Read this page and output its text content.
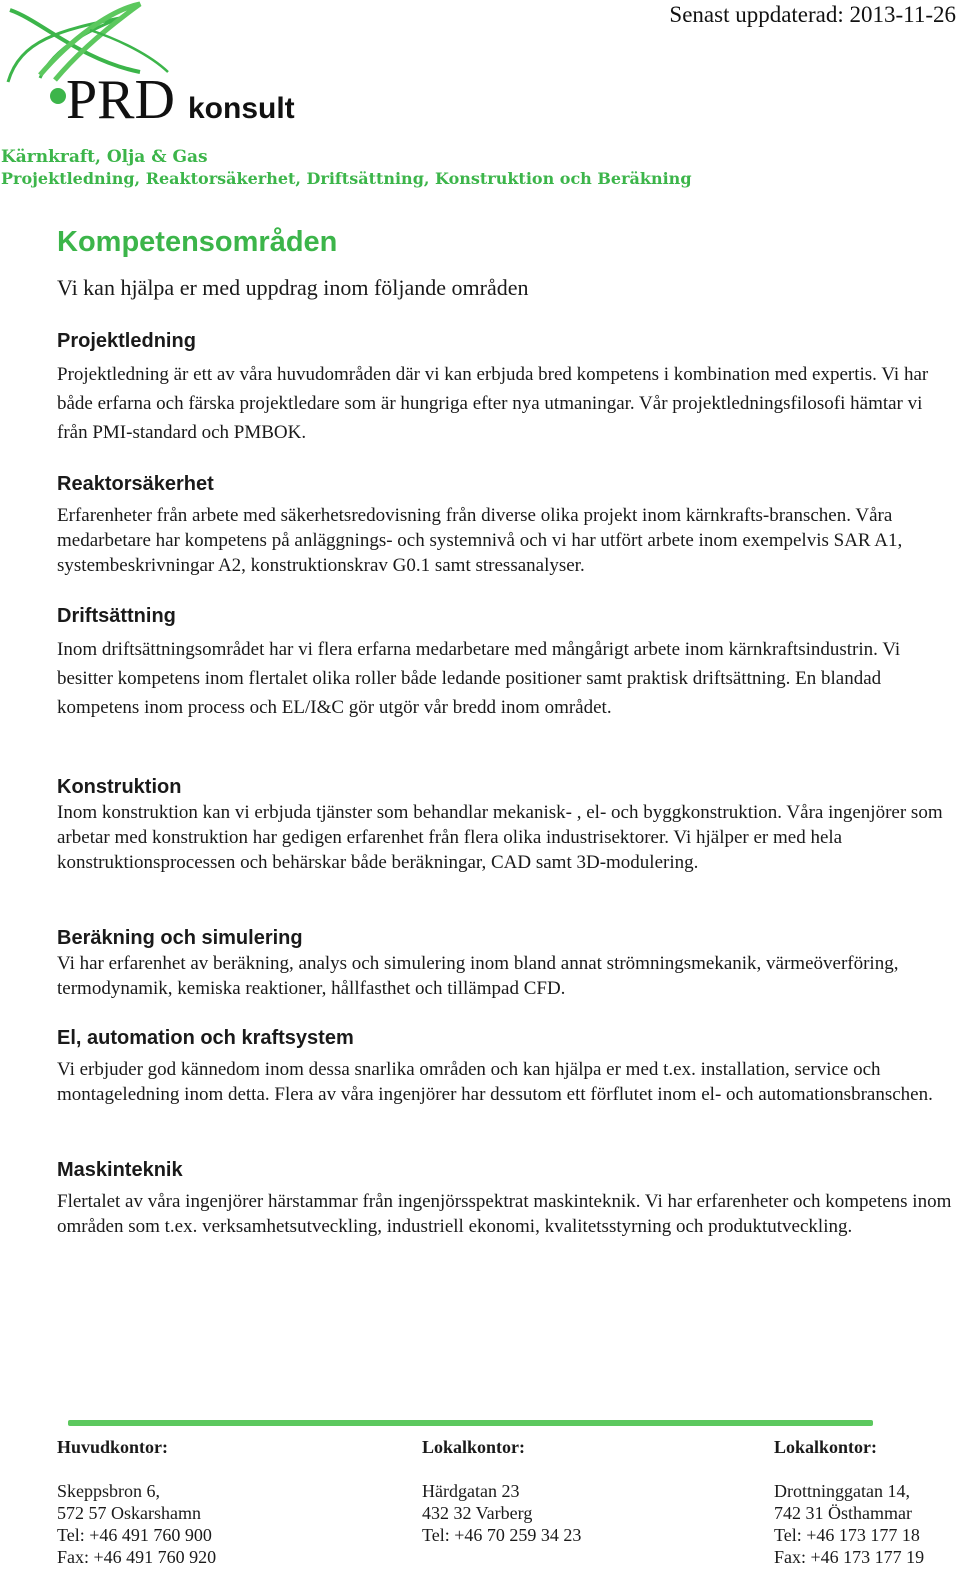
PRD konsult
Senast uppdaterad: 2013-11-26
Kärnkraft, Olja & Gas
Projektledning, Reaktorsäkerhet, Driftsättning, Konstruktion och Beräkning
Kompetensområden
Vi kan hjälpa er med uppdrag inom följande områden
Projektledning

Projektledning är ett av våra huvudområden där vi kan erbjuda bred kompetens i kombination med expertis. Vi har både erfarna och färska projektledare som är hungriga efter nya utmaningar. Vår projektledningsfilosofi hämtar vi från PMI-standard och PMBOK.

Reaktorsäkerhet

Erfarenheter från arbete med säkerhetsredovisning från diverse olika projekt inom kärnkrafts-branschen. Våra medarbetare har kompetens på anläggnings- och systemnivå och vi har utfört arbete inom exempelvis SAR A1, systembeskrivningar A2, konstruktionskrav G0.1 samt stressanalyser.

Driftsättning

Inom driftsättningsområdet har vi flera erfarna medarbetare med mångårigt arbete inom kärnkraftsindustrin. Vi besitter kompetens inom flertalet olika roller både ledande positioner samt praktisk driftsättning. En blandad kompetens inom process och EL/I&C gör utgör vår bredd inom området.

Konstruktion

Inom konstruktion kan vi erbjuda tjänster som behandlar mekanisk- , el- och byggkonstruktion. Våra ingenjörer som arbetar med konstruktion har gedigen erfarenhet från flera olika industrisektorer. Vi hjälper er med hela konstruktionsprocessen och behärskar både beräkningar, CAD samt 3D-modulering.

Beräkning och simulering

Vi har erfarenhet av beräkning, analys och simulering inom bland annat strömningsmekanik, värmeöverföring, termodynamik, kemiska reaktioner, hållfasthet och tillämpad CFD.

El, automation och kraftsystem

Vi erbjuder god kännedom inom dessa snarlika områden och kan hjälpa er med t.ex. installation, service och montageledning inom detta. Flera av våra ingenjörer har dessutom ett förflutet inom el- och automationsbranschen.

Maskinteknik

Flertalet av våra ingenjörer härstammar från ingenjörsspektrat maskinteknik. Vi har erfarenheter och kompetens inom områden som t.ex. verksamhetsutveckling, industriell ekonomi, kvalitetsstyrning och produktutveckling.

Huvudkontor:
Skeppsbron 6,
572 57 Oskarshamn
Tel: +46 491 760 900
Fax: +46 491 760 920
Lokalkontor:
Härdgatan 23
432 32 Varberg
Tel: +46 70 259 34 23
Lokalkontor:
Drottninggatan 14,
742 31 Östhammar
Tel: +46 173 177 18
Fax: +46 173 177 19
